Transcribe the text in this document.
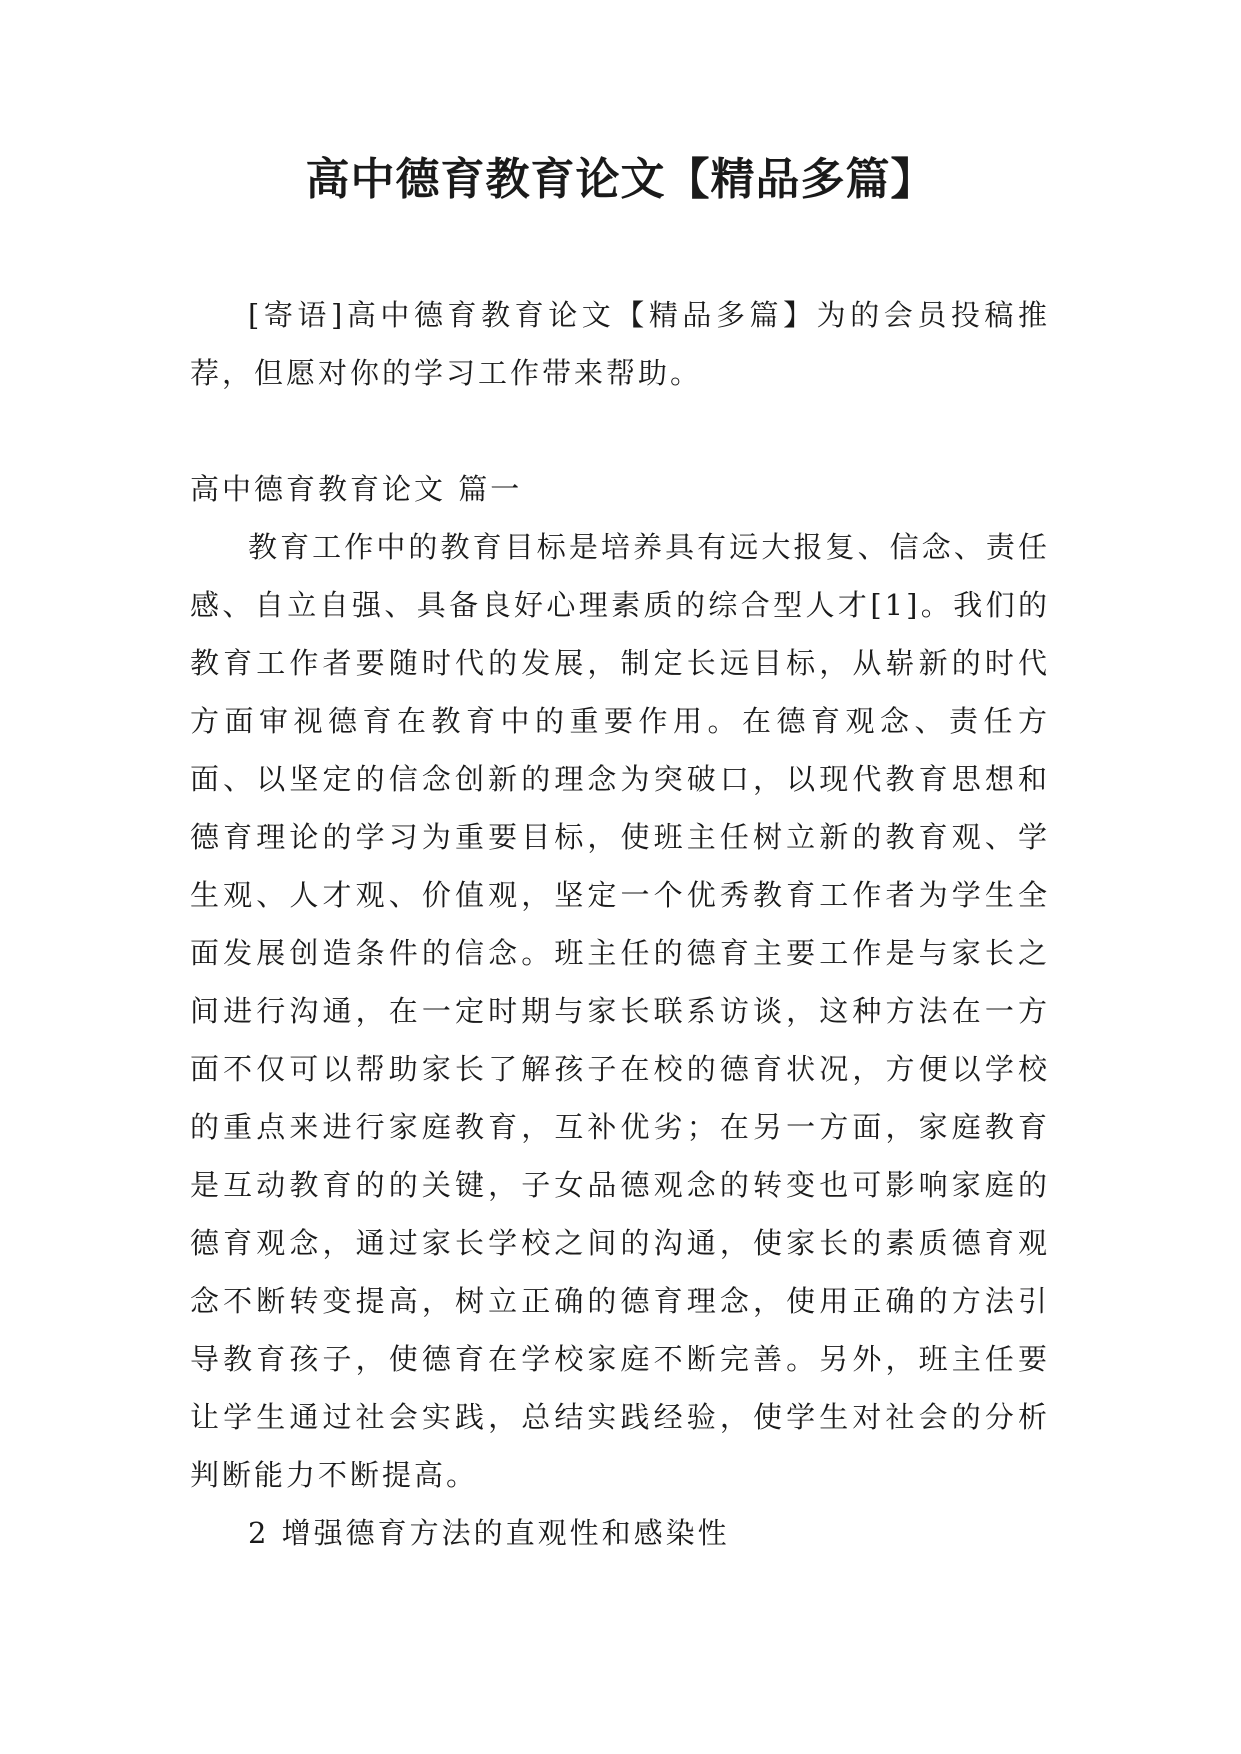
高中德育教育论文【精品多篇】

[寄语]高中德育教育论文【精品多篇】为的会员投稿推荐，但愿对你的学习工作带来帮助。

高中德育教育论文 篇一

教育工作中的教育目标是培养具有远大报复、信念、责任感、自立自强、具备良好心理素质的综合型人才[1]。我们的教育工作者要随时代的发展，制定长远目标，从崭新的时代方面审视德育在教育中的重要作用。在德育观念、责任方面、以坚定的信念创新的理念为突破口，以现代教育思想和德育理论的学习为重要目标，使班主任树立新的教育观、学生观、人才观、价值观，坚定一个优秀教育工作者为学生全面发展创造条件的信念。班主任的德育主要工作是与家长之间进行沟通，在一定时期与家长联系访谈，这种方法在一方面不仅可以帮助家长了解孩子在校的德育状况，方便以学校的重点来进行家庭教育，互补优劣；在另一方面，家庭教育是互动教育的的关键，子女品德观念的转变也可影响家庭的德育观念，通过家长学校之间的沟通，使家长的素质德育观念不断转变提高，树立正确的德育理念，使用正确的方法引导教育孩子，使德育在学校家庭不断完善。另外，班主任要让学生通过社会实践，总结实践经验，使学生对社会的分析判断能力不断提高。

2 增强德育方法的直观性和感染性
